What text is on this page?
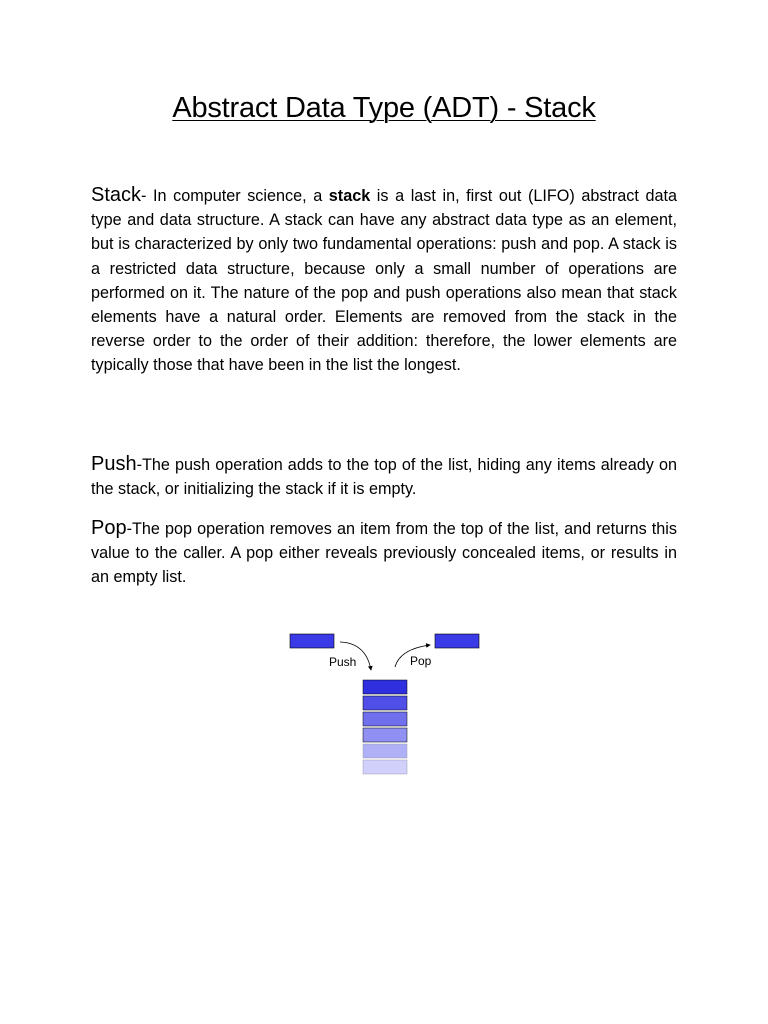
Abstract Data Type (ADT) - Stack

Stack- In computer science, a stack is a last in, first out (LIFO) abstract data type and data structure. A stack can have any abstract data type as an element, but is characterized by only two fundamental operations: push and pop. A stack is a restricted data structure, because only a small number of operations are performed on it. The nature of the pop and push operations also mean that stack elements have a natural order. Elements are removed from the stack in the reverse order to the order of their addition: therefore, the lower elements are typically those that have been in the list the longest.

Push-The push operation adds to the top of the list, hiding any items already on the stack, or initializing the stack if it is empty.

Pop-The pop operation removes an item from the top of the list, and returns this value to the caller. A pop either reveals previously concealed items, or results in an empty list.

Push	Pop
